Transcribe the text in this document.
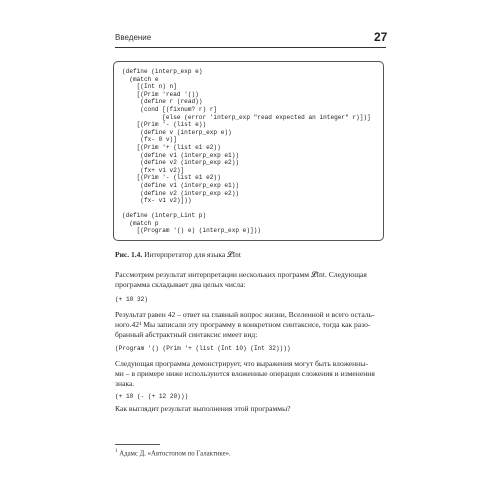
Введение	27
(define (interp_exp e)
(match e
[(Int n) n]
[(Prim 'read '())
(define r (read))
(cond [(fixnum? r) r]
[else (error 'interp_exp "read expected an integer" r)])]
[(Prim '- (list e))
(define v (interp_exp e))
(fx- 0 v)]
[(Prim '+ (list e1 e2))
(define v1 (interp_exp e1))
(define v2 (interp_exp e2))
(fx+ v1 v2)]
[(Prim '- (list e1 e2))
(define v1 (interp_exp e1))
(define v2 (interp_exp e2))
(fx- v1 v2)]))
(define (interp_Lint p)
(match p
[(Program '() e) (interp_exp e)]))
Рис. 1.4. Интерпретатор для языка 𝓛Int
Рассмотрим результат интерпретации нескольких программ 𝓛Int. Следующая
программа складывает два целых числа:
(+ 10 32)
Результат равен 42 – ответ на главный вопрос жизни, Вселенной и всего осталь-
ного.42¹ Мы записали эту программу в конкретном синтаксисе, тогда как разо-
бранный абстрактный синтаксис имеет вид:
(Program '() (Prim '+ (list (Int 10) (Int 32))))
Следующая программа демонстрирует, что выражения могут быть вложенны-
ми – в примере ниже используются вложенные операции сложения и изменения
знака.
(+ 10 (- (+ 12 20)))
Как выглядит результат выполнения этой программы?
$^1$ Адамс Д. «Автостопом по Галактике».
